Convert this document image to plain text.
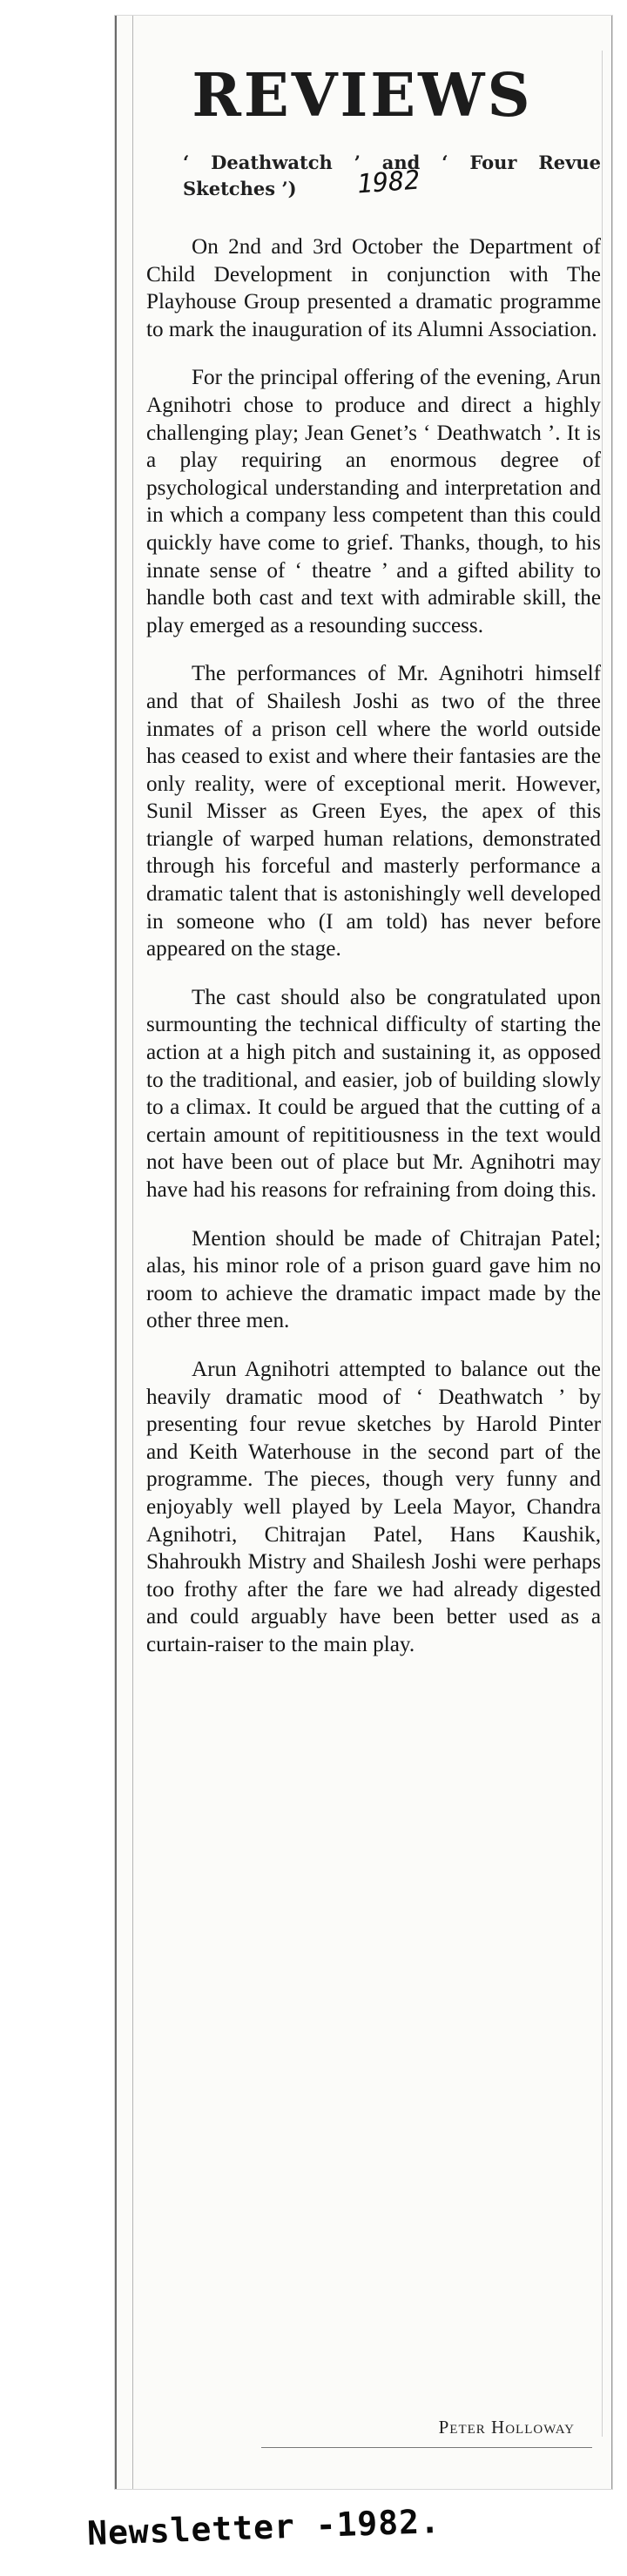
REVIEWS
‘ Deathwatch ’ and ‘ Four Revue Sketches ’)	1982

On 2nd and 3rd October the Department of Child Development in conjunction with The Playhouse Group presented a dramatic programme to mark the inauguration of its Alumni Association.

For the principal offering of the evening, Arun Agnihotri chose to produce and direct a highly challenging play; Jean Genet’s ‘ Deathwatch ’. It is a play requiring an enormous degree of psychological understanding and interpretation and in which a company less competent than this could quickly have come to grief. Thanks, though, to his innate sense of ‘ theatre ’ and a gifted ability to handle both cast and text with admirable skill, the play emerged as a resounding success.

The performances of Mr. Agnihotri himself and that of Shailesh Joshi as two of the three inmates of a prison cell where the world outside has ceased to exist and where their fantasies are the only reality, were of exceptional merit. However, Sunil Misser as Green Eyes, the apex of this triangle of warped human relations, demonstrated through his forceful and masterly performance a dramatic talent that is astonishingly well developed in someone who (I am told) has never before appeared on the stage.

The cast should also be congratulated upon surmounting the technical difficulty of starting the action at a high pitch and sustaining it, as opposed to the traditional, and easier, job of building slowly to a climax. It could be argued that the cutting of a certain amount of repititiousness in the text would not have been out of place but Mr. Agnihotri may have had his reasons for refraining from doing this.

Mention should be made of Chitrajan Patel; alas, his minor role of a prison guard gave him no room to achieve the dramatic impact made by the other three men.

Arun Agnihotri attempted to balance out the heavily dramatic mood of ‘ Deathwatch ’ by presenting four revue sketches by Harold Pinter and Keith Waterhouse in the second part of the programme. The pieces, though very funny and enjoyably well played by Leela Mayor, Chandra Agnihotri, Chitrajan Patel, Hans Kaushik, Shahroukh Mistry and Shailesh Joshi were perhaps too frothy after the fare we had already digested and could arguably have been better used as a curtain-raiser to the main play.

Peter Holloway
Newsletter -1982.
